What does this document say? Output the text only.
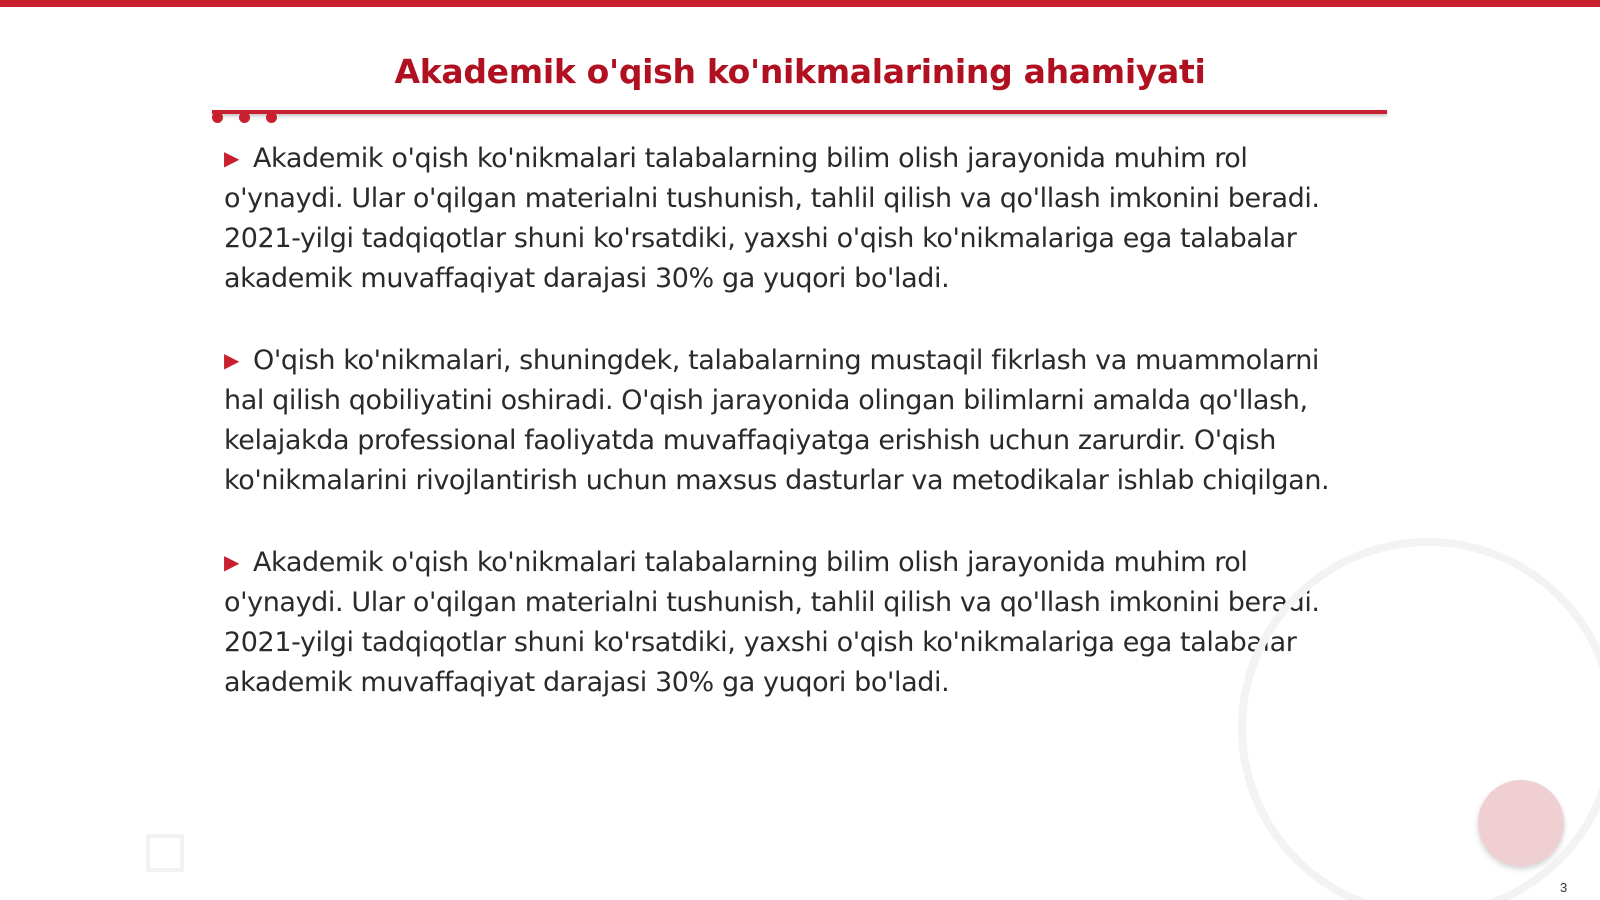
Akademik o'qish ko'nikmalarining ahamiyati

▶ Akademik o'qish ko'nikmalari talabalarning bilim olish jarayonida muhim rol o'ynaydi. Ular o'qilgan materialni tushunish, tahlil qilish va qo'llash imkonini beradi. 2021-yilgi tadqiqotlar shuni ko'rsatdiki, yaxshi o'qish ko'nikmalariga ega talabalar akademik muvaffaqiyat darajasi 30% ga yuqori bo'ladi.

▶ O'qish ko'nikmalari, shuningdek, talabalarning mustaqil fikrlash va muammolarni hal qilish qobiliyatini oshiradi. O'qish jarayonida olingan bilimlarni amalda qo'llash, kelajakda professional faoliyatda muvaffaqiyatga erishish uchun zarurdir. O'qish ko'nikmalarini rivojlantirish uchun maxsus dasturlar va metodikalar ishlab chiqilgan.

▶ Akademik o'qish ko'nikmalari talabalarning bilim olish jarayonida muhim rol o'ynaydi. Ular o'qilgan materialni tushunish, tahlil qilish va qo'llash imkonini beradi. 2021-yilgi tadqiqotlar shuni ko'rsatdiki, yaxshi o'qish ko'nikmalariga ega talabalar akademik muvaffaqiyat darajasi 30% ga yuqori bo'ladi.

3
